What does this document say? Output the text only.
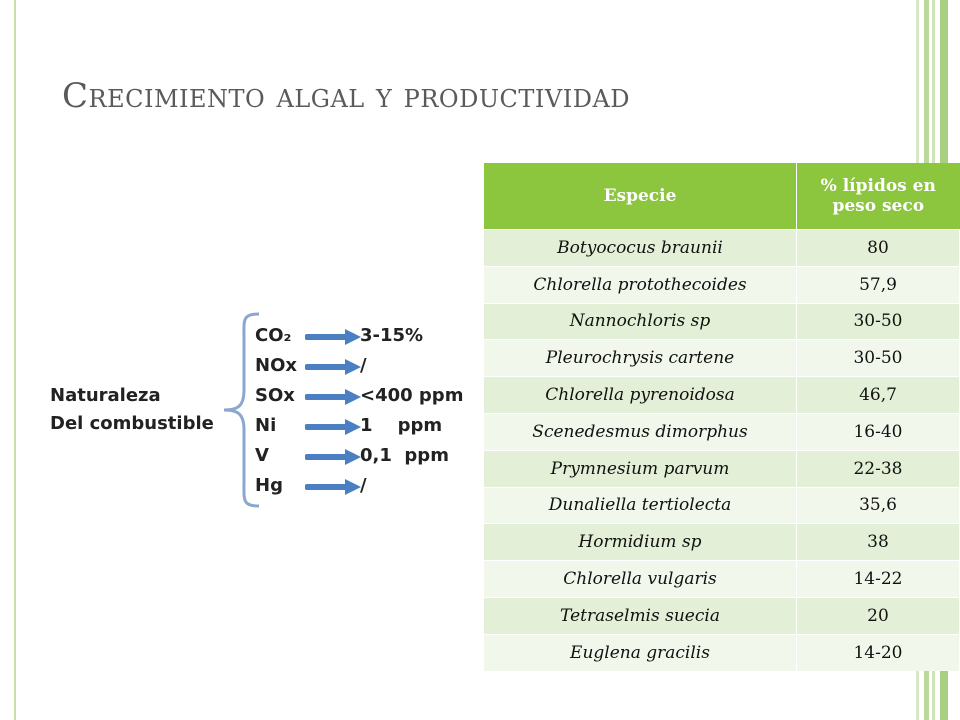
Crecimiento algal y productividad
Naturaleza
Del combustible
CO₂	3-15%
NOx	/
SOx	<400 ppm
Ni	1    ppm
V	0,1  ppm
Hg	/
Especie	% lípidos en peso seco
Botyococus braunii	80
Chlorella protothecoides	57,9
Nannochloris sp	30-50
Pleurochrysis cartene	30-50
Chlorella pyrenoidosa	46,7
Scenedesmus dimorphus	16-40
Prymnesium parvum	22-38
Dunaliella tertiolecta	35,6
Hormidium sp	38
Chlorella vulgaris	14-22
Tetraselmis suecia	20
Euglena gracilis	14-20
